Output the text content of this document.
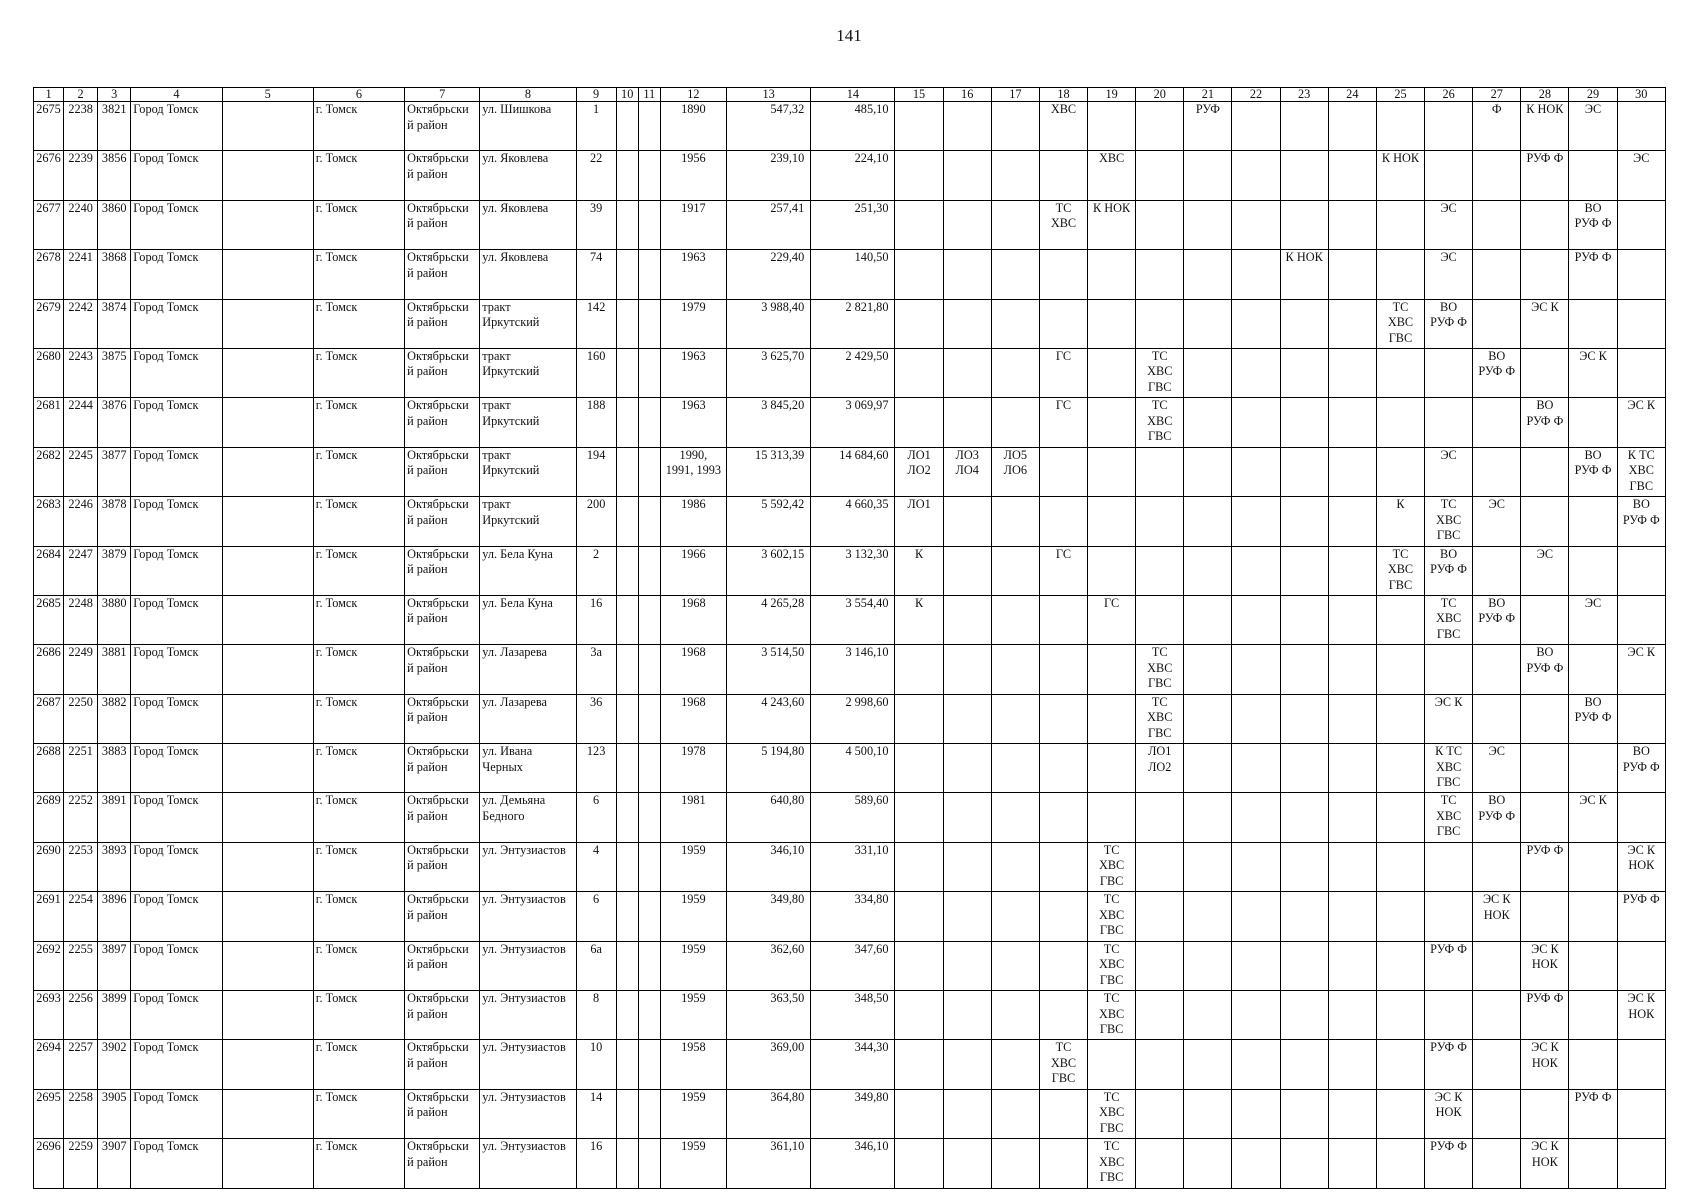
141
1	2	3	4	5	6	7	8	9	10	11	12	13	14	15	16	17	18	19	20	21	22	23	24	25	26	27	28	29	30
2675	2238	3821	Город Томск		г. Томск	Октябрьски
й район	ул. Шишкова	1			1890	547,32	485,10				ХВС			РУФ						Ф	К НОК	ЭС	
2676	2239	3856	Город Томск		г. Томск	Октябрьски
й район	ул. Яковлева	22			1956	239,10	224,10					ХВС						К НОК			РУФ Ф		ЭС
2677	2240	3860	Город Томск		г. Томск	Октябрьски
й район	ул. Яковлева	39			1917	257,41	251,30				ТС
ХВС	К НОК							ЭС			ВО
РУФ Ф	
2678	2241	3868	Город Томск		г. Томск	Октябрьски
й район	ул. Яковлева	74			1963	229,40	140,50									К НОК			ЭС			РУФ Ф	
2679	2242	3874	Город Томск		г. Томск	Октябрьски
й район	тракт
Иркутский	142			1979	3 988,40	2 821,80											ТС
ХВС
ГВС	ВО
РУФ Ф		ЭС К		
2680	2243	3875	Город Томск		г. Томск	Октябрьски
й район	тракт
Иркутский	160			1963	3 625,70	2 429,50				ГС		ТС
ХВС
ГВС							ВО
РУФ Ф		ЭС К	
2681	2244	3876	Город Томск		г. Томск	Октябрьски
й район	тракт
Иркутский	188			1963	3 845,20	3 069,97				ГС		ТС
ХВС
ГВС								ВО
РУФ Ф		ЭС К
2682	2245	3877	Город Томск		г. Томск	Октябрьски
й район	тракт
Иркутский	194			1990,
1991, 1993	15 313,39	14 684,60	ЛО1
ЛО2	ЛО3
ЛО4	ЛО5
ЛО6									ЭС			ВО
РУФ Ф	К ТС
ХВС
ГВС
2683	2246	3878	Город Томск		г. Томск	Октябрьски
й район	тракт
Иркутский	200			1986	5 592,42	4 660,35	ЛО1										К	ТС
ХВС
ГВС	ЭС			ВО
РУФ Ф
2684	2247	3879	Город Томск		г. Томск	Октябрьски
й район	ул. Бела Куна	2			1966	3 602,15	3 132,30	К			ГС							ТС
ХВС
ГВС	ВО
РУФ Ф		ЭС		
2685	2248	3880	Город Томск		г. Томск	Октябрьски
й район	ул. Бела Куна	16			1968	4 265,28	3 554,40	К				ГС							ТС
ХВС
ГВС	ВО
РУФ Ф		ЭС	
2686	2249	3881	Город Томск		г. Томск	Октябрьски
й район	ул. Лазарева	3а			1968	3 514,50	3 146,10						ТС
ХВС
ГВС								ВО
РУФ Ф		ЭС К
2687	2250	3882	Город Томск		г. Томск	Октябрьски
й район	ул. Лазарева	36			1968	4 243,60	2 998,60						ТС
ХВС
ГВС						ЭС К			ВО
РУФ Ф	
2688	2251	3883	Город Томск		г. Томск	Октябрьски
й район	ул. Ивана
Черных	123			1978	5 194,80	4 500,10						ЛО1
ЛО2						К ТС
ХВС
ГВС	ЭС			ВО
РУФ Ф
2689	2252	3891	Город Томск		г. Томск	Октябрьски
й район	ул. Демьяна
Бедного	6			1981	640,80	589,60												ТС
ХВС
ГВС	ВО
РУФ Ф		ЭС К	
2690	2253	3893	Город Томск		г. Томск	Октябрьски
й район	ул. Энтузиастов	4			1959	346,10	331,10					ТС
ХВС
ГВС									РУФ Ф		ЭС К
НОК
2691	2254	3896	Город Томск		г. Томск	Октябрьски
й район	ул. Энтузиастов	6			1959	349,80	334,80					ТС
ХВС
ГВС								ЭС К
НОК			РУФ Ф
2692	2255	3897	Город Томск		г. Томск	Октябрьски
й район	ул. Энтузиастов	6а			1959	362,60	347,60					ТС
ХВС
ГВС							РУФ Ф		ЭС К
НОК		
2693	2256	3899	Город Томск		г. Томск	Октябрьски
й район	ул. Энтузиастов	8			1959	363,50	348,50					ТС
ХВС
ГВС									РУФ Ф		ЭС К
НОК
2694	2257	3902	Город Томск		г. Томск	Октябрьски
й район	ул. Энтузиастов	10			1958	369,00	344,30				ТС
ХВС
ГВС								РУФ Ф		ЭС К
НОК		
2695	2258	3905	Город Томск		г. Томск	Октябрьски
й район	ул. Энтузиастов	14			1959	364,80	349,80					ТС
ХВС
ГВС							ЭС К
НОК			РУФ Ф	
2696	2259	3907	Город Томск		г. Томск	Октябрьски
й район	ул. Энтузиастов	16			1959	361,10	346,10					ТС
ХВС
ГВС							РУФ Ф		ЭС К
НОК		
